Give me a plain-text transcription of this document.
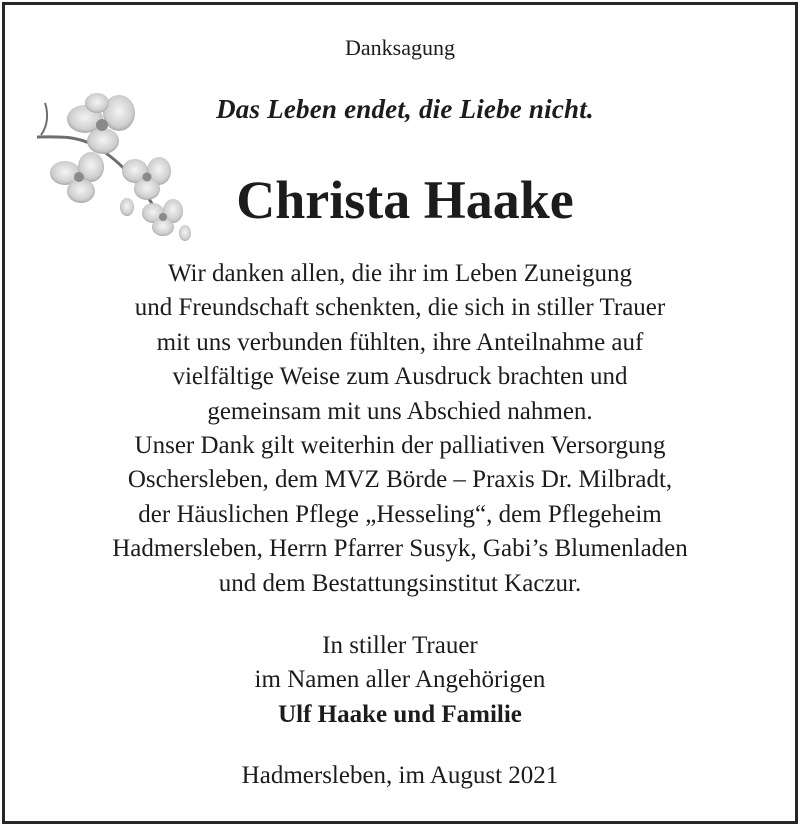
Danksagung
Das Leben endet, die Liebe nicht.
Christa Haake
Wir danken allen, die ihr im Leben Zuneigung
und Freundschaft schenkten, die sich in stiller Trauer
mit uns verbunden fühlten, ihre Anteilnahme auf
vielfältige Weise zum Ausdruck brachten und
gemeinsam mit uns Abschied nahmen.
Unser Dank gilt weiterhin der palliativen Versorgung
Oschersleben, dem MVZ Börde – Praxis Dr. Milbradt,
der Häuslichen Pflege „Hesseling“, dem Pflegeheim
Hadmersleben, Herrn Pfarrer Susyk, Gabi’s Blumenladen
und dem Bestattungsinstitut Kaczur.
In stiller Trauer
im Namen aller Angehörigen
Ulf Haake und Familie
Hadmersleben, im August 2021
